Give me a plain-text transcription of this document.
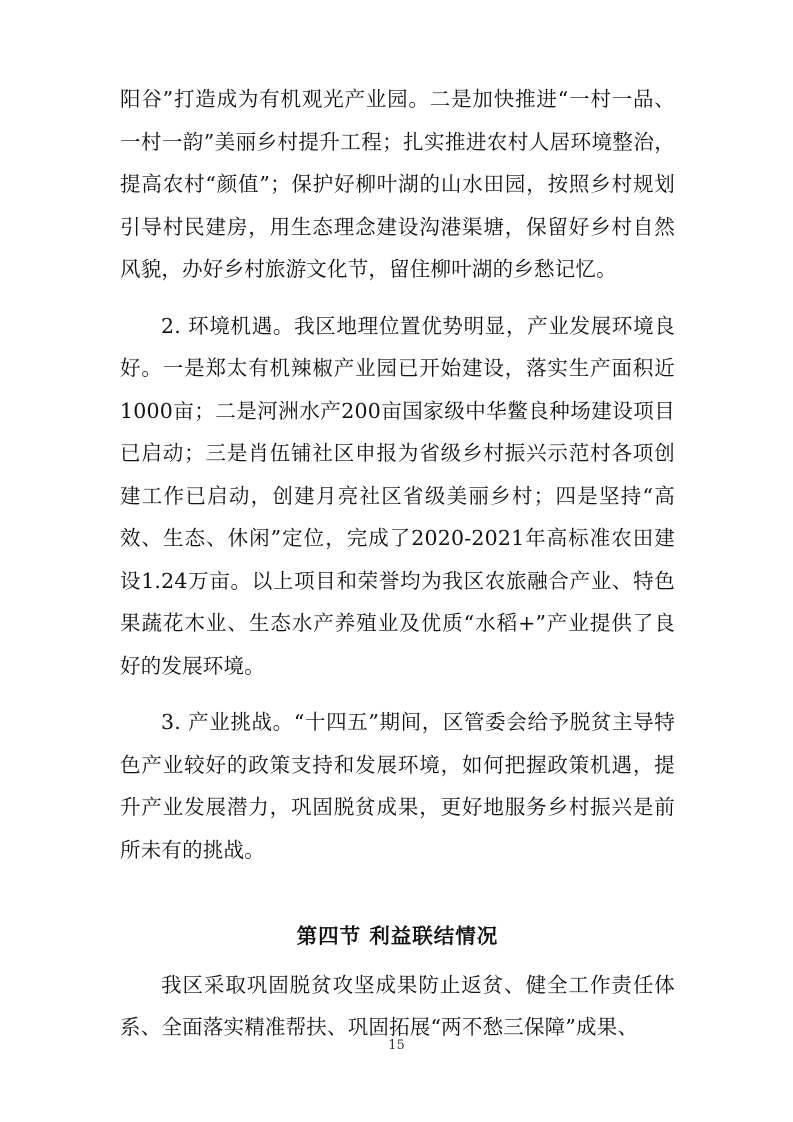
阳谷”打造成为有机观光产业园。二是加快推进“一村一品、一村一韵”美丽乡村提升工程；扎实推进农村人居环境整治，提高农村“颜值”；保护好柳叶湖的山水田园，按照乡村规划引导村民建房，用生态理念建设沟港渠塘，保留好乡村自然风貌，办好乡村旅游文化节，留住柳叶湖的乡愁记忆。

2. 环境机遇。我区地理位置优势明显，产业发展环境良好。一是郑太有机辣椒产业园已开始建设，落实生产面积近1000亩；二是河洲水产200亩国家级中华鳖良种场建设项目已启动；三是肖伍铺社区申报为省级乡村振兴示范村各项创建工作已启动，创建月亮社区省级美丽乡村；四是坚持“高效、生态、休闲”定位，完成了2020-2021年高标准农田建设1.24万亩。以上项目和荣誉均为我区农旅融合产业、特色果蔬花木业、生态水产养殖业及优质“水稻+”产业提供了良好的发展环境。

3. 产业挑战。“十四五”期间，区管委会给予脱贫主导特色产业较好的政策支持和发展环境，如何把握政策机遇，提升产业发展潜力，巩固脱贫成果，更好地服务乡村振兴是前所未有的挑战。

第四节 利益联结情况

我区采取巩固脱贫攻坚成果防止返贫、健全工作责任体系、全面落实精准帮扶、巩固拓展“两不愁三保障”成果、

15
